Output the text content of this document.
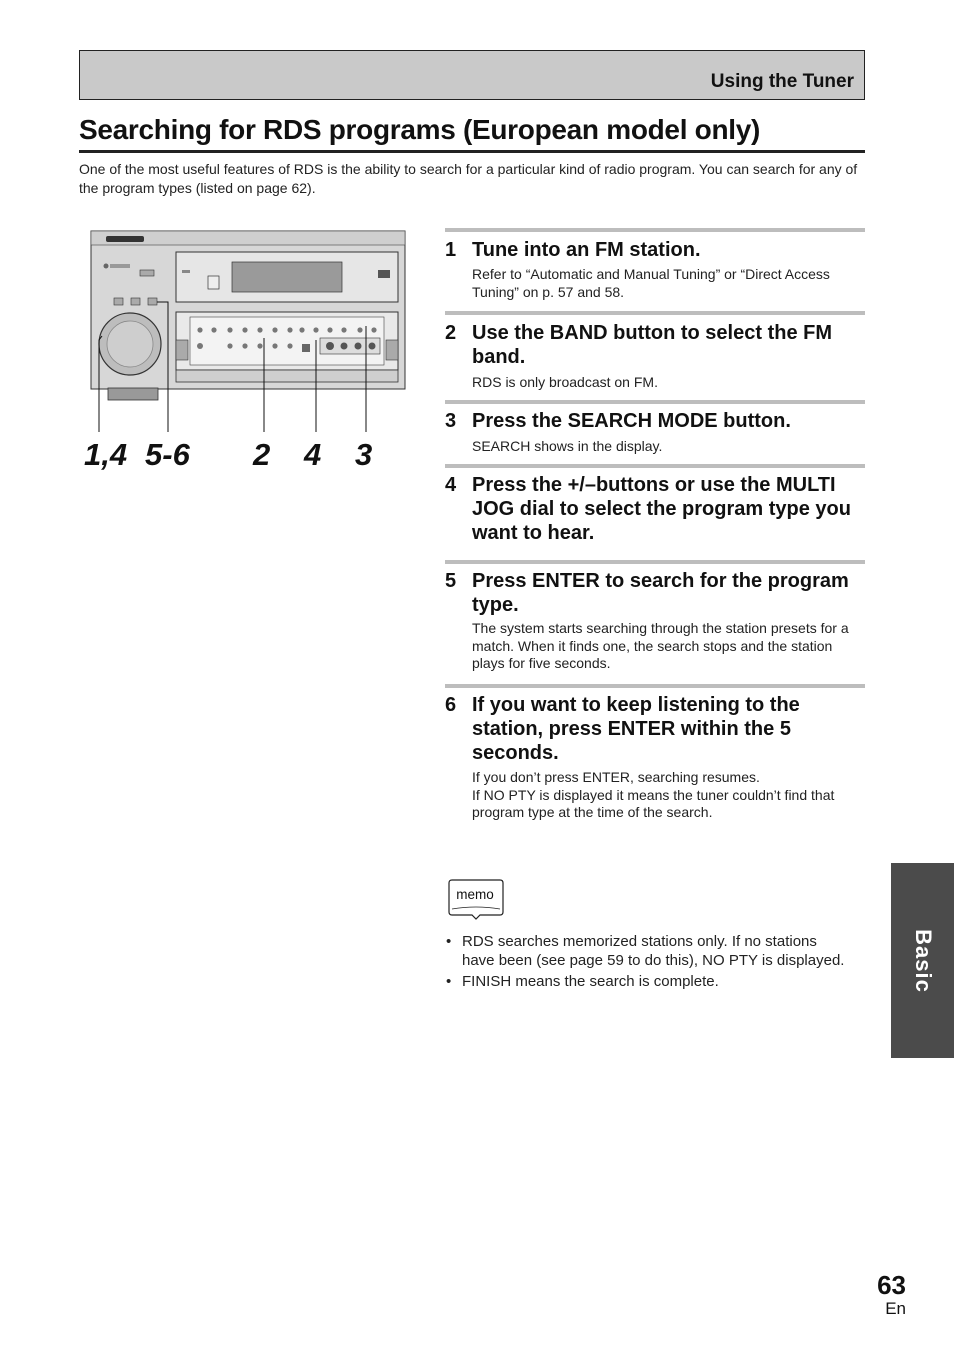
Using the Tuner
Searching for RDS programs (European model only)

One of the most useful features of RDS is the ability to search for a particular kind of radio program. You can search for any of the program types (listed on page 62).

1,4 5-6 2 4 3
1 Tune into an FM station.
Refer to “Automatic and Manual Tuning” or “Direct Access Tuning” on p. 57 and 58.
2 Use the BAND button to select the FM band.
RDS is only broadcast on FM.
3 Press the SEARCH MODE button.
SEARCH shows in the display.
4 Press the +/–buttons or use the MULTI JOG dial to select the program type you want to hear.
5 Press ENTER to search for the program type.
The system starts searching through the station presets for a match. When it finds one, the search stops and the station plays for five seconds.
6 If you want to keep listening to the station, press ENTER within the 5 seconds.
If you don’t press ENTER, searching resumes.
If NO PTY is displayed it means the tuner couldn’t find that program type at the time of the search.
memo
• RDS searches memorized stations only. If no stations have been (see page 59 to do this), NO PTY is displayed.
• FINISH means the search is complete.	Basic
63
En
